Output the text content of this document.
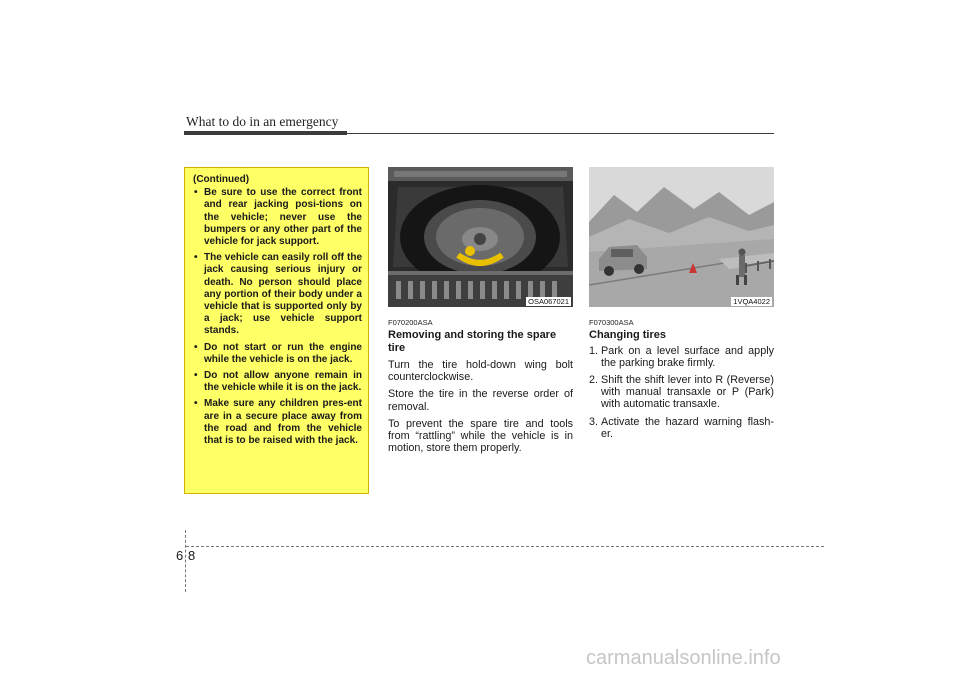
What to do in an emergency
(Continued)
• Be sure to use the correct front and rear jacking posi-tions on the vehicle; never use the bumpers or any other part of the vehicle for jack support.
• The vehicle can easily roll off the jack causing serious injury or death. No person should place any portion of their body under a vehicle that is supported only by a jack; use vehicle support stands.
• Do not start or run the engine while the vehicle is on the jack.
• Do not allow anyone remain in the vehicle while it is on the jack.
• Make sure any children pres-ent are in a secure place away from the road and from the vehicle that is to be raised with the jack.
OSA067021
F070200ASA
Removing and storing the spare tire
Turn the tire hold-down wing bolt counterclockwise.
Store the tire in the reverse order of removal.
To prevent the spare tire and tools from “rattling” while the vehicle is in motion, store them properly.
1VQA4022
F070300ASA
Changing tires
1. Park on a level surface and apply the parking brake firmly.
2. Shift the shift lever into R (Reverse) with manual transaxle or P (Park) with automatic transaxle.
3. Activate the hazard warning flash-er.
6 8
carmanualsonline.info
